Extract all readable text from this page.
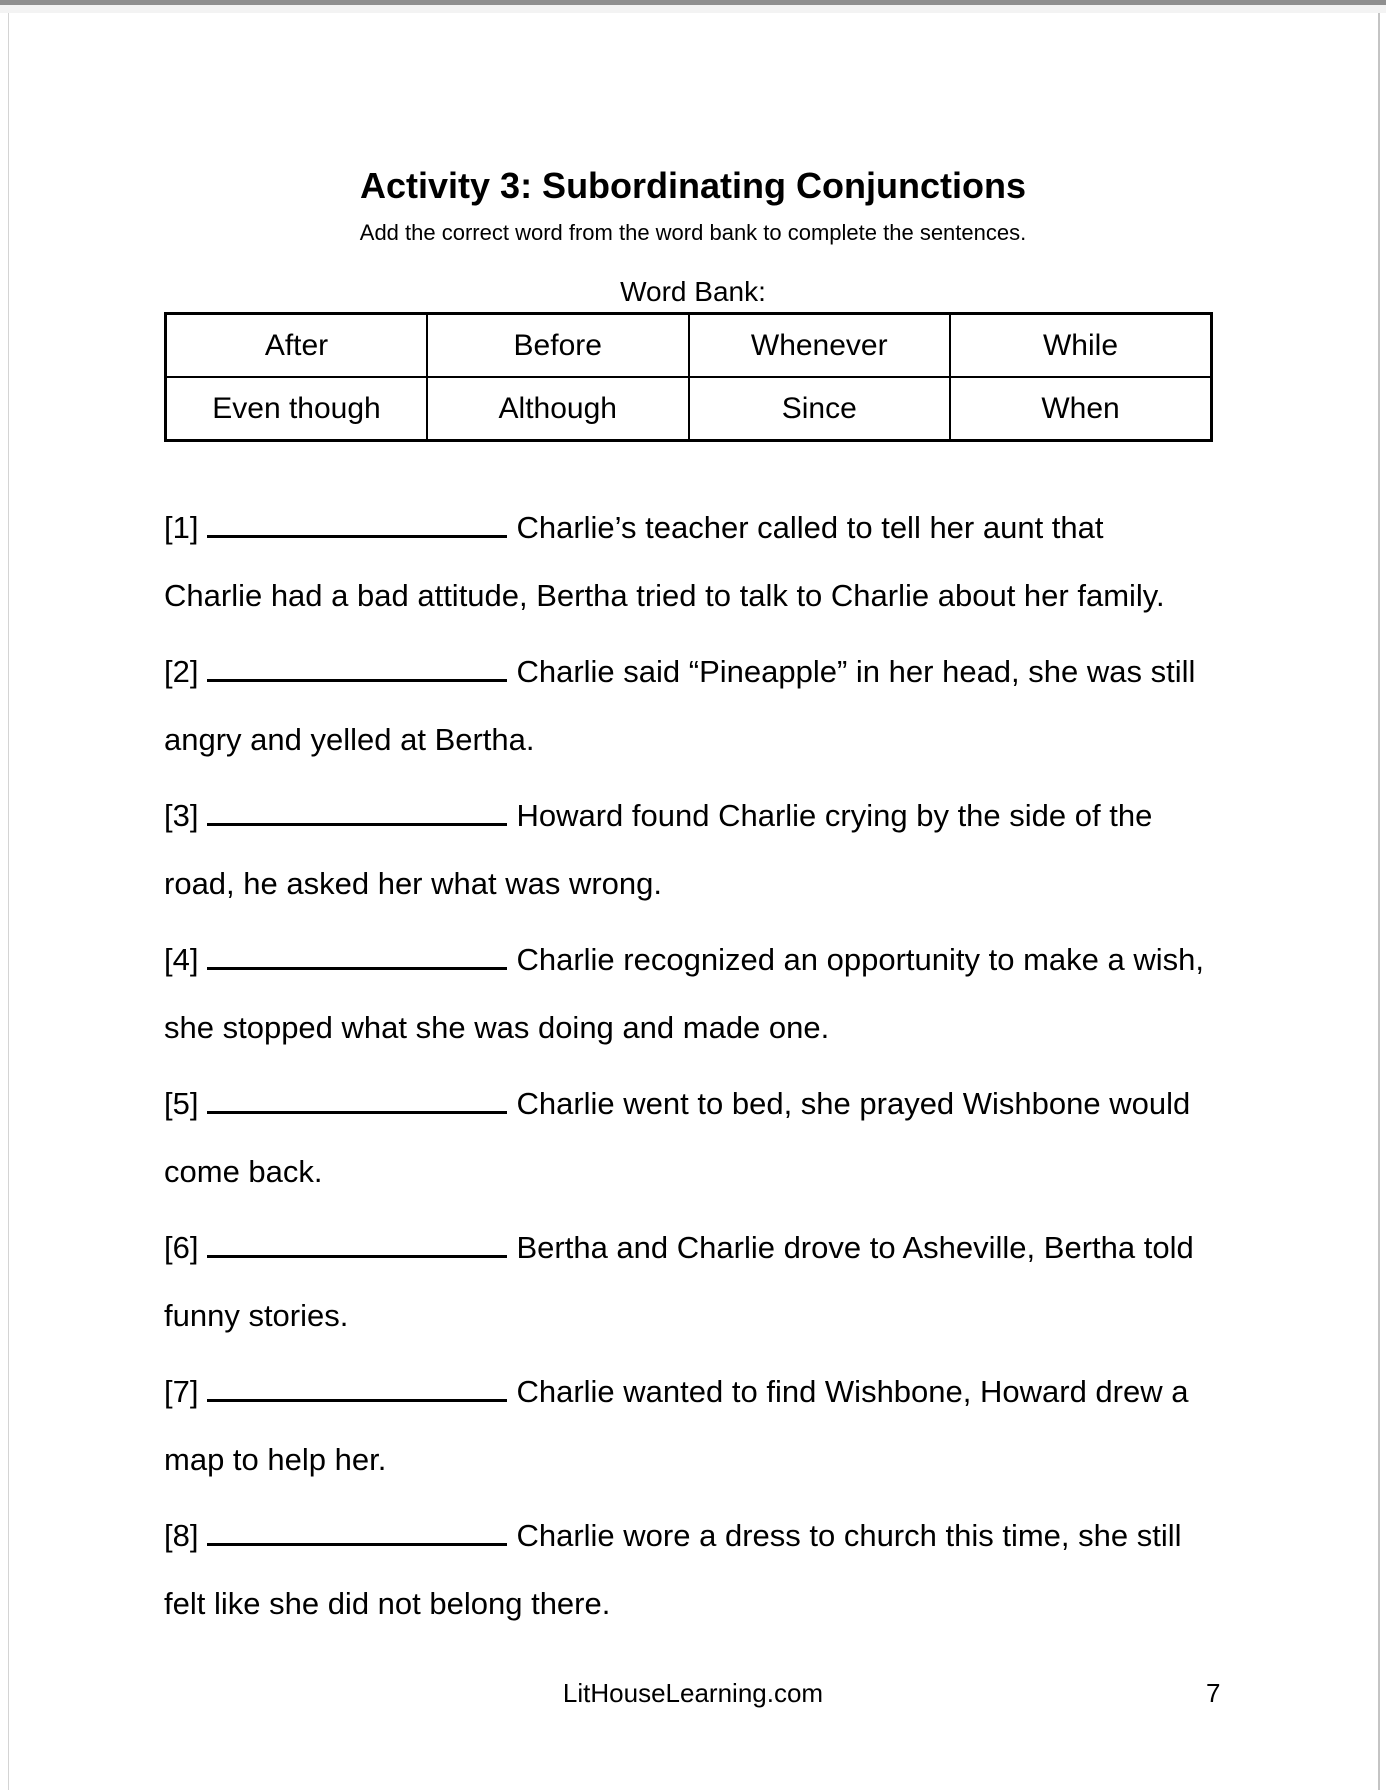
Activity 3: Subordinating Conjunctions
Add the correct word from the word bank to complete the sentences.
Word Bank:
After	Before	Whenever	While
Even though	Although	Since	When
[1]	Charlie’s teacher called to tell her aunt that
Charlie had a bad attitude, Bertha tried to talk to Charlie about her family.
[2]	Charlie said “Pineapple” in her head, she was still
angry and yelled at Bertha.
[3]	Howard found Charlie crying by the side of the
road, he asked her what was wrong.
[4]	Charlie recognized an opportunity to make a wish,
she stopped what she was doing and made one.
[5]	Charlie went to bed, she prayed Wishbone would
come back.
[6]	Bertha and Charlie drove to Asheville, Bertha told
funny stories.
[7]	Charlie wanted to find Wishbone, Howard drew a
map to help her.
[8]	Charlie wore a dress to church this time, she still
felt like she did not belong there.
LitHouseLearning.com	7
